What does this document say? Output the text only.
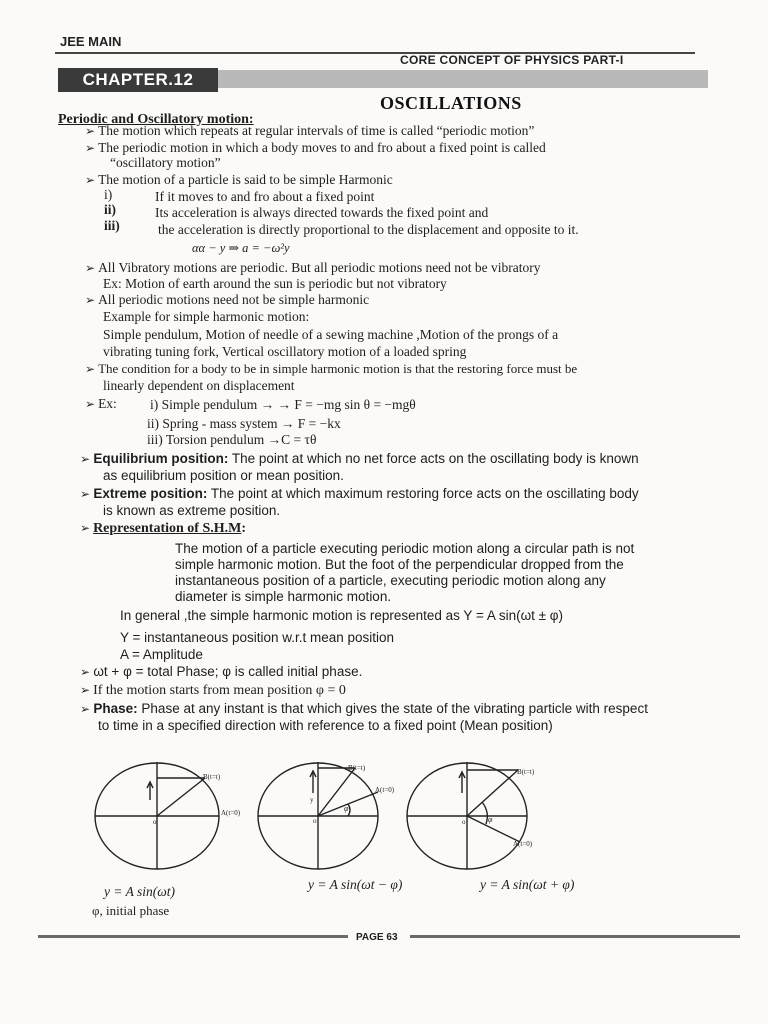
JEE MAIN
CORE CONCEPT OF PHYSICS PART-I
CHAPTER.12
OSCILLATIONS
Periodic and Oscillatory motion:
➢ The motion which repeats at regular intervals of time is called “periodic motion”
➢ The periodic motion in which a body moves to and fro about a fixed point is called
“oscillatory motion”
➢ The motion of a particle is said to be simple Harmonic
i)	If it moves to and fro about a fixed point
ii)	Its acceleration is always directed towards the fixed point and
iii)	the acceleration is directly proportional to the displacement and opposite to it.
αα − y ⇒ a = −ω²y
➢ All Vibratory motions are periodic. But all periodic motions need not be vibratory
Ex: Motion of earth around the sun is periodic but not vibratory
➢ All periodic motions need not be simple harmonic
Example for simple harmonic motion:
Simple pendulum, Motion of needle of a sewing machine ,Motion of the prongs of a
vibrating tuning fork, Vertical oscillatory motion of a loaded spring
➢ The condition for a body to be in simple harmonic motion is that the restoring force must be
linearly dependent on displacement
➢ Ex: i) Simple pendulum → → F = −mg sin θ = −mgθ
ii) Spring - mass system → F = −kx
iii) Torsion pendulum →C = τθ
➢ Equilibrium position: The point at which no net force acts on the oscillating body is known
as equilibrium position or mean position.
➢ Extreme position: The point at which maximum restoring force acts on the oscillating body
is known as extreme position.
➢ Representation of S.H.M:
The motion of a particle executing periodic motion along a circular path is not
simple harmonic motion. But the foot of the perpendicular dropped from the
instantaneous position of a particle, executing periodic motion along any
diameter is simple harmonic motion.
In general ,the simple harmonic motion is represented as Y = A sin(ωt ± φ)
Y = instantaneous position w.r.t mean position
A = Amplitude
➢ ωt + φ = total Phase; φ is called initial phase.
➢ If the motion starts from mean position φ = 0
➢ Phase: Phase at any instant is that which gives the state of the vibrating particle with respect
to time in a specified direction with reference to a fixed point (Mean position)
B(t=t)
A(t=0)
o
B(t=t)
A(t=0)
o
y
φ
B(t=t)
A(t=0)
o	φ
y = A sin(ωt)	y = A sin(ωt − φ)	y = A sin(ωt + φ)
φ, initial phase
PAGE 63
